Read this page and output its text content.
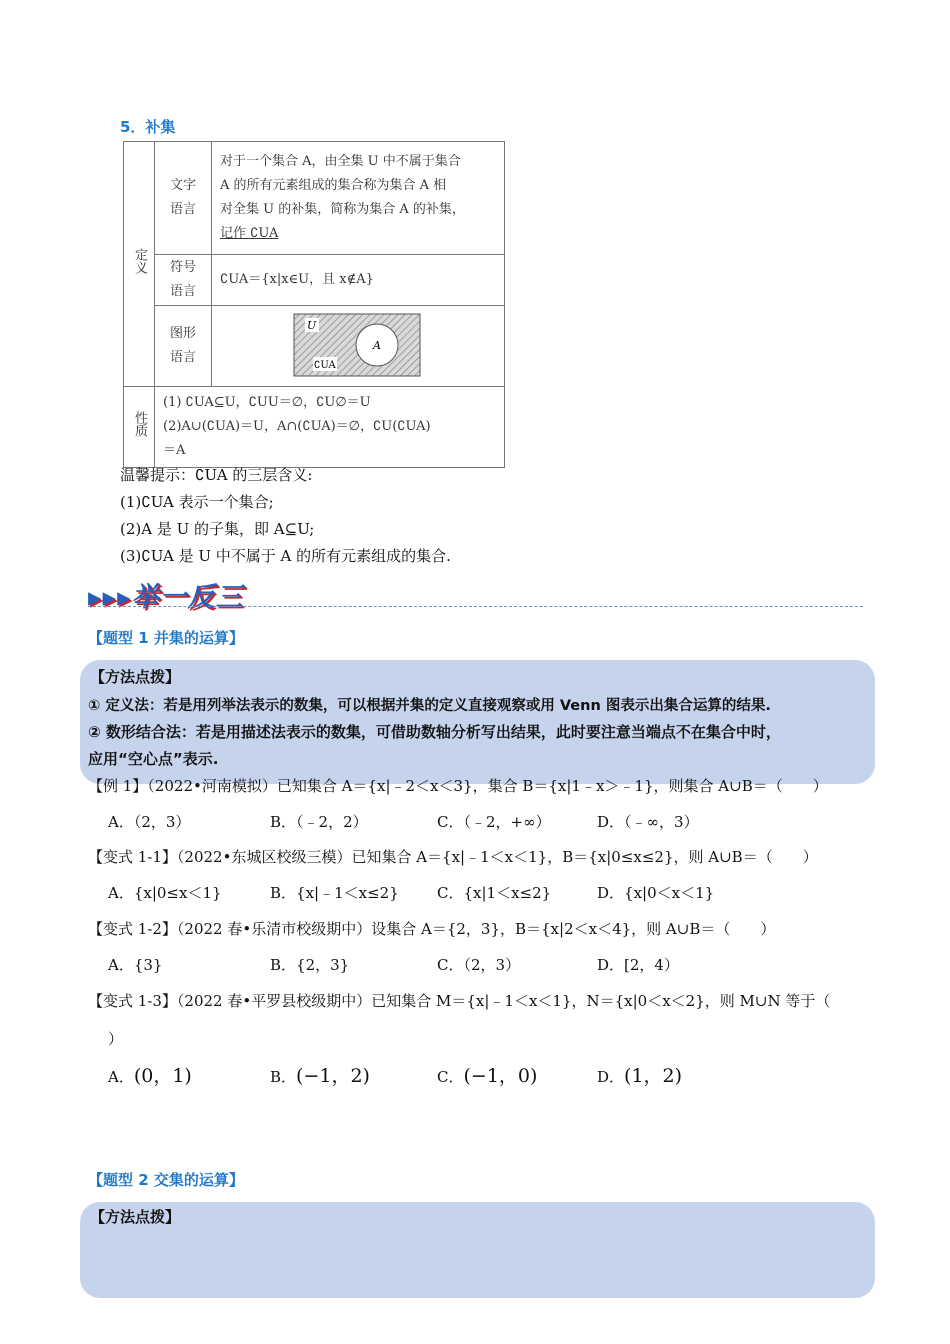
5．补集
定义	文字语言	对于一个集合 A，由全集 U 中不属于集合
A 的所有元素组成的集合称为集合 A 相
对全集 U 的补集，简称为集合 A 的补集，
记作 ∁UA

	符号语言	∁UA＝{x|x∈U，且 x∉A}
	图形语言	U
A
∁UA

性质	(1) ∁UA⊆U，∁UU＝∅，∁U∅＝U
(2)A∪(∁UA)＝U，A∩(∁UA)＝∅，∁U(∁UA)
＝A	
温馨提示：∁UA 的三层含义:
(1)∁UA 表示一个集合;
(2)A 是 U 的子集，即 A⊆U;
(3)∁UA 是 U 中不属于 A 的所有元素组成的集合.
▸▸▸举一反三
【题型 1 并集的运算】
【方法点拨】
① 定义法：若是用列举法表示的数集，可以根据并集的定义直接观察或用 Venn 图表示出集合运算的结果.
② 数形结合法：若是用描述法表示的数集，可借助数轴分析写出结果，此时要注意当端点不在集合中时，
应用“空心点”表示.
【例 1】（2022•河南模拟）已知集合 A＝{x|﹣2＜x＜3}，集合 B＝{x|1﹣x＞﹣1}，则集合 A∪B＝（　　）
A．（2，3）	B．（﹣2，2）	C．（﹣2，+∞）	D．（﹣∞，3）
【变式 1-1】（2022•东城区校级三模）已知集合 A＝{x|﹣1＜x＜1}，B＝{x|0≤x≤2}，则 A∪B＝（　　）
A．{x|0≤x＜1}	B．{x|﹣1＜x≤2}	C．{x|1＜x≤2}	D．{x|0＜x＜1}
【变式 1-2】（2022 春•乐清市校级期中）设集合 A＝{2，3}，B＝{x|2＜x＜4}，则 A∪B＝（　　）
A．{3}	B．{2，3}	C．（2，3）	D．[2，4）
【变式 1-3】（2022 春•平罗县校级期中）已知集合 M＝{x|﹣1＜x＜1}，N＝{x|0＜x＜2}，则 M∪N 等于（
）
A．(0，1)	B．(−1，2)	C．(−1，0)	D．(1，2)
【题型 2 交集的运算】
【方法点拨】
